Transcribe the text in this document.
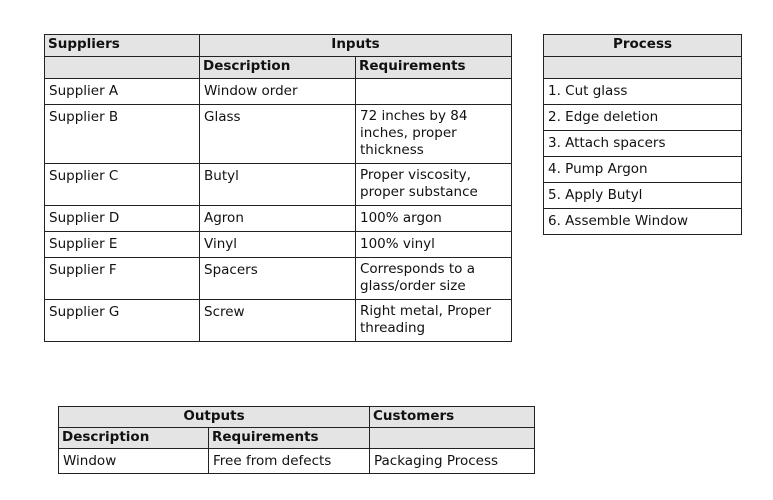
Suppliers	Inputs	
	Description	Requirements
Supplier A	Window order	
Supplier B	Glass	72 inches by 84 inches, proper thickness
Supplier C	Butyl	Proper viscosity, proper substance
Supplier D	Agron	100% argon
Supplier E	Vinyl	100% vinyl
Supplier F	Spacers	Corresponds to a glass/order size
Supplier G	Screw	Right metal, Proper threading
Process

1. Cut glass
2. Edge deletion
3. Attach spacers
4. Pump Argon
5. Apply Butyl
6. Assemble Window
Outputs		Customers
Description	Requirements	
Window	Free from defects	Packaging Process
